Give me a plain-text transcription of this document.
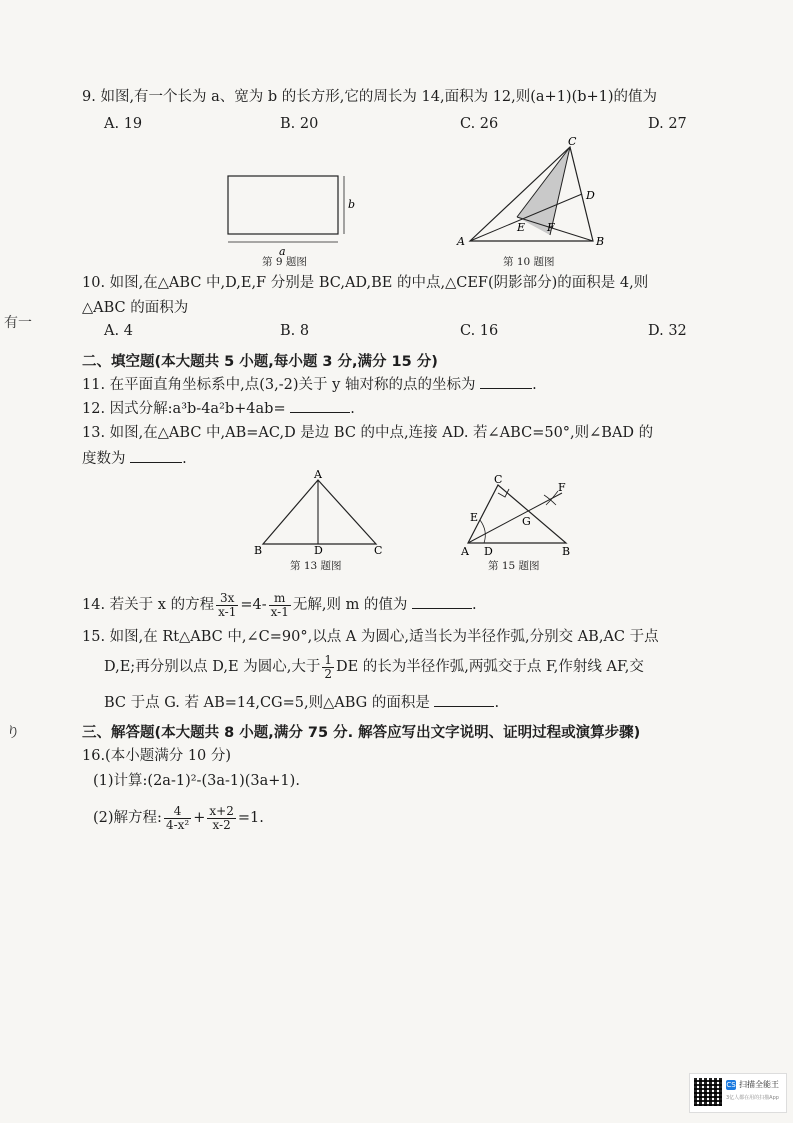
有一
り
9. 如图,有一个长为 a、宽为 b 的长方形,它的周长为 14,面积为 12,则(a+1)(b+1)的值为
A. 19	B. 20	C. 26	D. 27
a
b
第 9 题图
A	B
C
D
E F
第 10 题图
10. 如图,在△ABC 中,D,E,F 分别是 BC,AD,BE 的中点,△CEF(阴影部分)的面积是 4,则
△ABC 的面积为
A. 4	B. 8	C. 16	D. 32
二、填空题(本大题共 5 小题,每小题 3 分,满分 15 分)
11. 在平面直角坐标系中,点(3,-2)关于 y 轴对称的点的坐标为	.
12. 因式分解:a³b-4a²b+4ab=	.
13. 如图,在△ABC 中,AB=AC,D 是边 BC 的中点,连接 AD. 若∠ABC=50°,则∠BAD 的
度数为	.
A
B	C
D
第 13 题图
A	B
C
D
E
F
G
第 15 题图
14. 若关于 x 的方程 $\frac{3x}{x-1} =4- \frac{m}{x-1}$ 无解,则 m 的值为	.
15. 如图,在 Rt△ABC 中,∠C=90°,以点 A 为圆心,适当长为半径作弧,分别交 AB,AC 于点
D,E;再分别以点 D,E 为圆心,大于 $\frac{1}{2}$ DE 的长为半径作弧,两弧交于点 F,作射线 AF,交
BC 于点 G. 若 AB=14,CG=5,则△ABG 的面积是	.
三、解答题(本大题共 8 小题,满分 75 分. 解答应写出文字说明、证明过程或演算步骤)
16.(本小题满分 10 分)
(1)计算:(2a-1)²-(3a-1)(3a+1).
(2)解方程: $\frac{4}{\text{4-x²}} + \frac{x+2}{x-2} =1$.
CS 扫描全能王
3亿人都在用的扫描App
